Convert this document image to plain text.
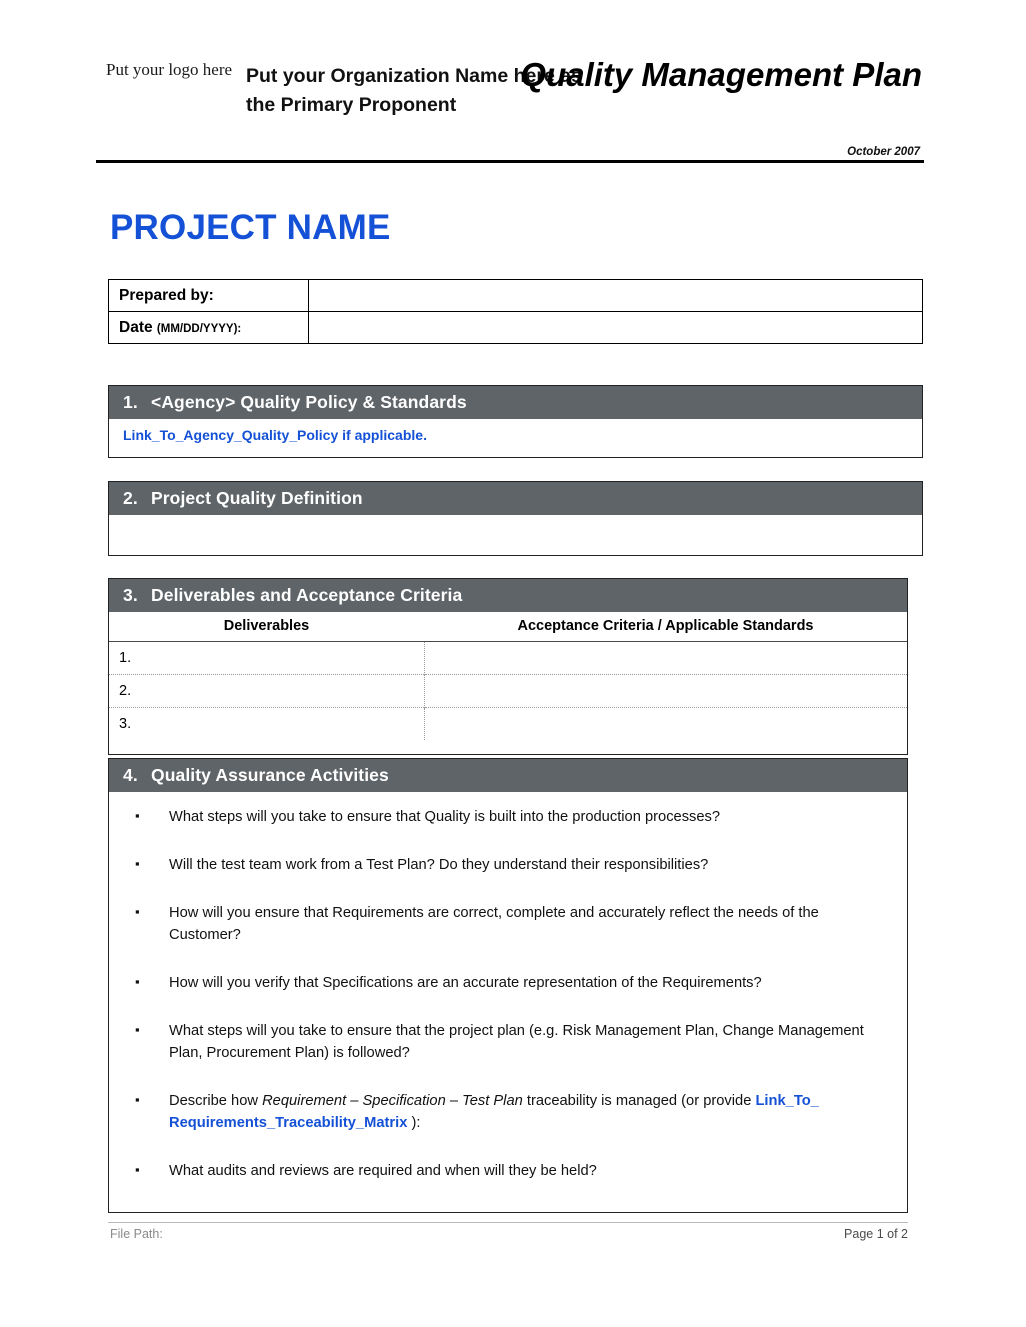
Put your logo here Put your Organization Name here as the Primary Proponent
Quality Management Plan
October 2007
PROJECT NAME
Prepared by:	
Date (MM/DD/YYYY):	
1. <Agency> Quality Policy & Standards
Link_To_Agency_Quality_Policy if applicable.
2. Project Quality Definition
3. Deliverables and Acceptance Criteria
Deliverables	Acceptance Criteria / Applicable Standards
1.	
2.	
3.	
4. Quality Assurance Activities
▪ What steps will you take to ensure that Quality is built into the production processes?
▪ Will the test team work from a Test Plan? Do they understand their responsibilities?
▪ How will you ensure that Requirements are correct, complete and accurately reflect the needs of the Customer?
▪ How will you verify that Specifications are an accurate representation of the Requirements?
▪ What steps will you take to ensure that the project plan (e.g. Risk Management Plan, Change Management Plan, Procurement Plan) is followed?
▪ Describe how Requirement – Specification – Test Plan traceability is managed (or provide Link_To_ Requirements_Traceability_Matrix ):
▪ What audits and reviews are required and when will they be held?
File Path:	Page 1 of 2
